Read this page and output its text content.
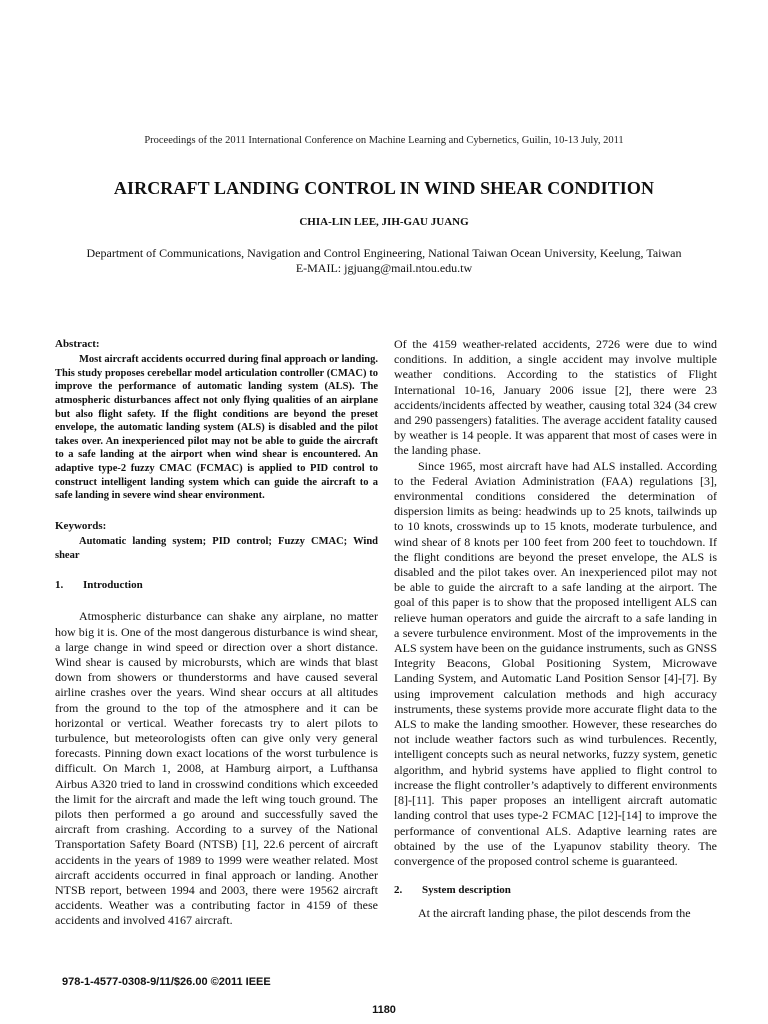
Proceedings of the 2011 International Conference on Machine Learning and Cybernetics, Guilin, 10-13 July, 2011
AIRCRAFT LANDING CONTROL IN WIND SHEAR CONDITION
CHIA-LIN LEE, JIH-GAU JUANG
Department of Communications, Navigation and Control Engineering, National Taiwan Ocean University, Keelung, Taiwan
E-MAIL: jgjuang@mail.ntou.edu.tw
Abstract:

Most aircraft accidents occurred during final approach or landing. This study proposes cerebellar model articulation controller (CMAC) to improve the performance of automatic landing system (ALS). The atmospheric disturbances affect not only flying qualities of an airplane but also flight safety. If the flight conditions are beyond the preset envelope, the automatic landing system (ALS) is disabled and the pilot takes over. An inexperienced pilot may not be able to guide the aircraft to a safe landing at the airport when wind shear is encountered. An adaptive type-2 fuzzy CMAC (FCMAC) is applied to PID control to construct intelligent landing system which can guide the aircraft to a safe landing in severe wind shear environment.

Keywords:

Automatic landing system; PID control; Fuzzy CMAC; Wind shear

1. Introduction

Atmospheric disturbance can shake any airplane, no matter how big it is. One of the most dangerous disturbance is wind shear, a large change in wind speed or direction over a short distance. Wind shear is caused by microbursts, which are winds that blast down from showers or thunderstorms and have caused several airline crashes over the years. Wind shear occurs at all altitudes from the ground to the top of the atmosphere and it can be horizontal or vertical. Weather forecasts try to alert pilots to turbulence, but meteorologists often can give only very general forecasts. Pinning down exact locations of the worst turbulence is difficult. On March 1, 2008, at Hamburg airport, a Lufthansa Airbus A320 tried to land in crosswind conditions which exceeded the limit for the aircraft and made the left wing touch ground. The pilots then performed a go around and successfully saved the aircraft from crashing. According to a survey of the National Transportation Safety Board (NTSB) [1], 22.6 percent of aircraft accidents in the years of 1989 to 1999 were weather related. Most aircraft accidents occurred in final approach or landing. Another NTSB report, between 1994 and 2003, there were 19562 aircraft accidents. Weather was a contributing factor in 4159 of these accidents and involved 4167 aircraft.

Of the 4159 weather-related accidents, 2726 were due to wind conditions. In addition, a single accident may involve multiple weather conditions. According to the statistics of Flight International 10-16, January 2006 issue [2], there were 23 accidents/incidents affected by weather, causing total 324 (34 crew and 290 passengers) fatalities. The average accident fatality caused by weather is 14 people. It was apparent that most of cases were in the landing phase.

Since 1965, most aircraft have had ALS installed. According to the Federal Aviation Administration (FAA) regulations [3], environmental conditions considered the determination of dispersion limits as being: headwinds up to 25 knots, tailwinds up to 10 knots, crosswinds up to 15 knots, moderate turbulence, and wind shear of 8 knots per 100 feet from 200 feet to touchdown. If the flight conditions are beyond the preset envelope, the ALS is disabled and the pilot takes over. An inexperienced pilot may not be able to guide the aircraft to a safe landing at the airport. The goal of this paper is to show that the proposed intelligent ALS can relieve human operators and guide the aircraft to a safe landing in a severe turbulence environment. Most of the improvements in the ALS system have been on the guidance instruments, such as GNSS Integrity Beacons, Global Positioning System, Microwave Landing System, and Automatic Land Position Sensor [4]-[7]. By using improvement calculation methods and high accuracy instruments, these systems provide more accurate flight data to the ALS to make the landing smoother. However, these researches do not include weather factors such as wind turbulences. Recently, intelligent concepts such as neural networks, fuzzy system, genetic algorithm, and hybrid systems have applied to flight control to increase the flight controller’s adaptively to different environments [8]-[11]. This paper proposes an intelligent aircraft automatic landing control that uses type-2 FCMAC [12]-[14] to improve the performance of conventional ALS. Adaptive learning rates are obtained by the use of the Lyapunov stability theory. The convergence of the proposed control scheme is guaranteed.

2. System description

At the aircraft landing phase, the pilot descends from the

978-1-4577-0308-9/11/$26.00 ©2011 IEEE
1180
